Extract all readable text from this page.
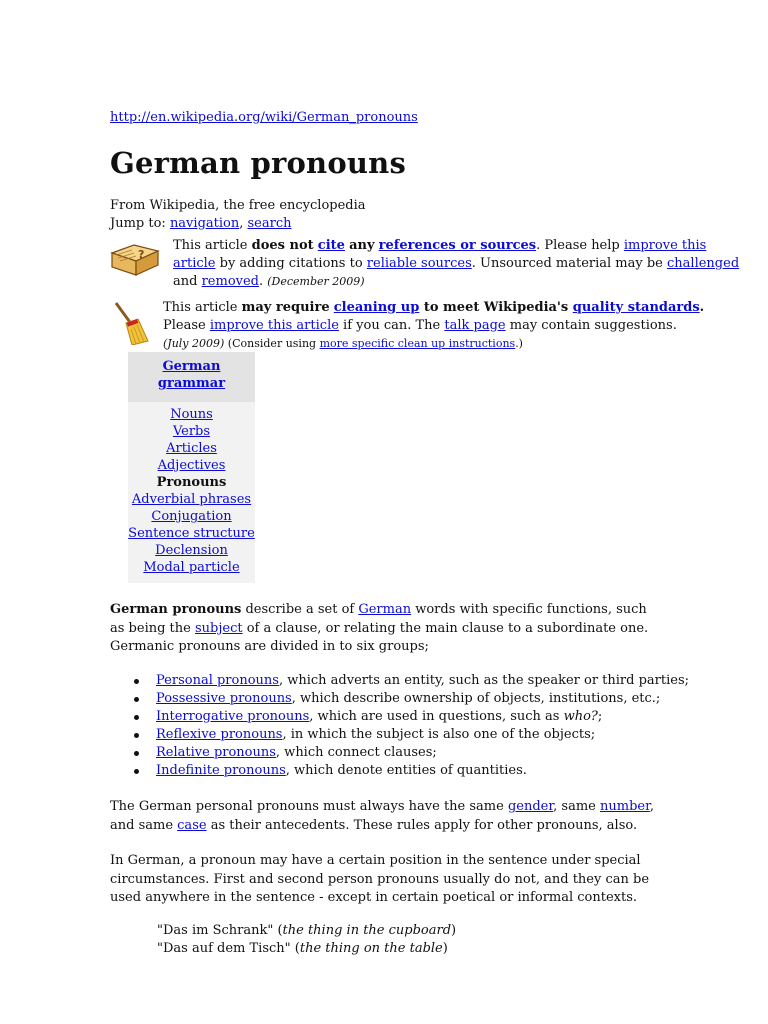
http://en.wikipedia.org/wiki/German_pronouns
German pronouns
From Wikipedia, the free encyclopedia
Jump to: navigation, search
?
This article does not cite any references or sources. Please help improve this article by adding citations to reliable sources. Unsourced material may be challenged and removed. (December 2009)
This article may require cleaning up to meet Wikipedia's quality standards.
Please improve this article if you can. The talk page may contain suggestions.
(July 2009) (Consider using more specific clean up instructions.)
German grammar
Nouns
Verbs
Articles
Adjectives
Pronouns
Adverbial phrases
Conjugation
Sentence structure
Declension
Modal particle
German pronouns describe a set of German words with specific functions, such as being the subject of a clause, or relating the main clause to a subordinate one. Germanic pronouns are divided in to six groups;
Personal pronouns, which adverts an entity, such as the speaker or third parties;
Possessive pronouns, which describe ownership of objects, institutions, etc.;
Interrogative pronouns, which are used in questions, such as who?;
Reflexive pronouns, in which the subject is also one of the objects;
Relative pronouns, which connect clauses;
Indefinite pronouns, which denote entities of quantities.
The German personal pronouns must always have the same gender, same number, and same case as their antecedents. These rules apply for other pronouns, also.
In German, a pronoun may have a certain position in the sentence under special circumstances. First and second person pronouns usually do not, and they can be used anywhere in the sentence - except in certain poetical or informal contexts.
"Das im Schrank" (the thing in the cupboard)
"Das auf dem Tisch" (the thing on the table)
